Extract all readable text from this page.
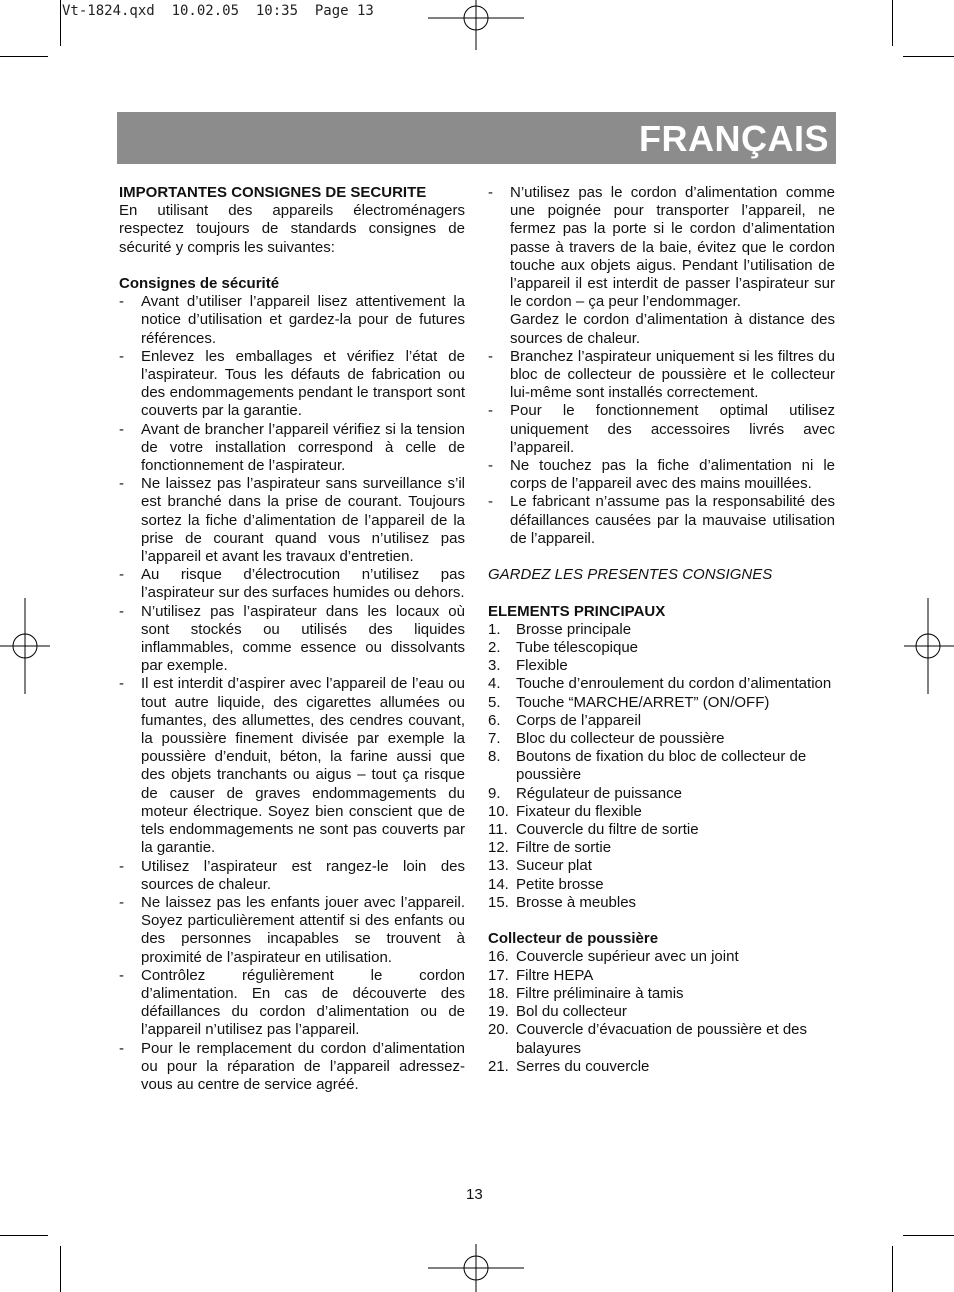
Vt-1824.qxd  10.02.05  10:35  Page 13
FRANÇAIS

IMPORTANTES CONSIGNES DE SECURITE

En utilisant des appareils électroménagers respectez toujours de standards consignes de sécurité y compris les suivantes:

Consignes de sécurité

- Avant d’utiliser l’appareil lisez attentivement la notice d’utilisation et gardez-la pour de futures références.
- Enlevez les emballages et vérifiez l’état de l’aspirateur. Tous les défauts de fabrication ou des endommagements pendant le transport sont couverts par la garantie.
- Avant de brancher l’appareil vérifiez si la tension de votre installation correspond à celle de fonctionnement de l’aspirateur.
- Ne laissez pas l’aspirateur sans surveillance s’il est branché dans la prise de courant. Toujours sortez la fiche d’alimentation de l’appareil de la prise de courant quand vous n’utilisez pas l’appareil et avant les travaux d’entretien.
- Au risque d’électrocution n’utilisez pas l’aspirateur sur des surfaces humides ou dehors.
- N’utilisez pas l’aspirateur dans les locaux où sont stockés ou utilisés des liquides inflammables, comme essence ou dissolvants par exemple.
- Il est interdit d’aspirer avec l’appareil de l’eau ou tout autre liquide, des cigarettes allumées ou fumantes, des allumettes, des cendres couvant, la poussière finement divisée par exemple la poussière d’enduit, béton, la farine aussi que des objets tranchants ou aigus – tout ça risque de causer de graves endommagements du moteur électrique. Soyez bien conscient que de tels endommagements ne sont pas couverts par la garantie.
- Utilisez l’aspirateur est rangez-le loin des sources de chaleur.
- Ne laissez pas les enfants jouer avec l’appareil. Soyez particulièrement attentif si des enfants ou des personnes incapables se trouvent à proximité de l’aspirateur en utilisation.
- Contrôlez régulièrement le cordon d’alimentation. En cas de découverte des défaillances du cordon d’alimentation ou de l’appareil n’utilisez pas l’appareil.
- Pour le remplacement du cordon d’alimentation ou pour la réparation de l’appareil adressez-vous au centre de service agréé.
- N’utilisez pas le cordon d’alimentation comme une poignée pour transporter l’appareil, ne fermez pas la porte si le cordon d’alimentation passe à travers de la baie, évitez que le cordon touche aux objets aigus. Pendant l’utilisation de l’appareil il est interdit de passer l’aspirateur sur le cordon – ça peur l’endommager.

Gardez le cordon d’alimentation à distance des sources de chaleur.

- Branchez l’aspirateur uniquement si les filtres du bloc de collecteur de poussière et le collecteur lui-même sont installés correctement.
- Pour le fonctionnement optimal utilisez uniquement des accessoires livrés avec l’appareil.
- Ne touchez pas la fiche d’alimentation ni le corps de l’appareil avec des mains mouillées.
- Le fabricant n’assume pas la responsabilité des défaillances causées par la mauvaise utilisation de l’appareil.

GARDEZ LES PRESENTES CONSIGNES

ELEMENTS PRINCIPAUX

1. Brosse principale
2. Tube télescopique
3. Flexible
4. Touche d’enroulement du cordon d’alimentation
5. Touche “MARCHE/ARRET” (ON/OFF)
6. Corps de l’appareil
7. Bloc du collecteur de poussière
8. Boutons de fixation du bloc de collecteur de poussière
9. Régulateur de puissance
10. Fixateur du flexible
11. Couvercle du filtre de sortie
12. Filtre de sortie
13. Suceur plat
14. Petite brosse
15. Brosse à meubles

Collecteur de poussière

16. Couvercle supérieur avec un joint
17. Filtre HEPA
18. Filtre préliminaire à tamis
19. Bol du collecteur
20. Couvercle d’évacuation de poussière et des balayures
21. Serres du couvercle
13
